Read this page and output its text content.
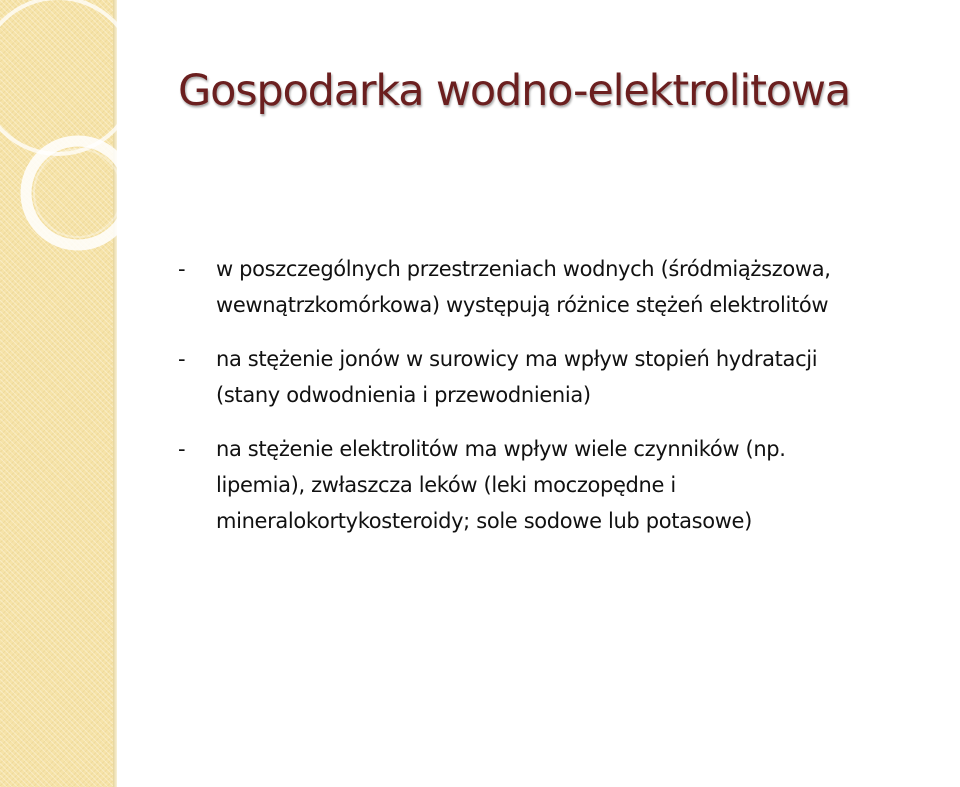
Gospodarka wodno-elektrolitowa
- w poszczególnych przestrzeniach wodnych (śródmiąższowa,
wewnątrzkomórkowa) występują różnice stężeń elektrolitów
- na stężenie jonów w surowicy ma wpływ stopień hydratacji
(stany odwodnienia i przewodnienia)
- na stężenie elektrolitów ma wpływ wiele czynników (np.
lipemia), zwłaszcza leków (leki moczopędne i
mineralokortykosteroidy; sole sodowe lub potasowe)
